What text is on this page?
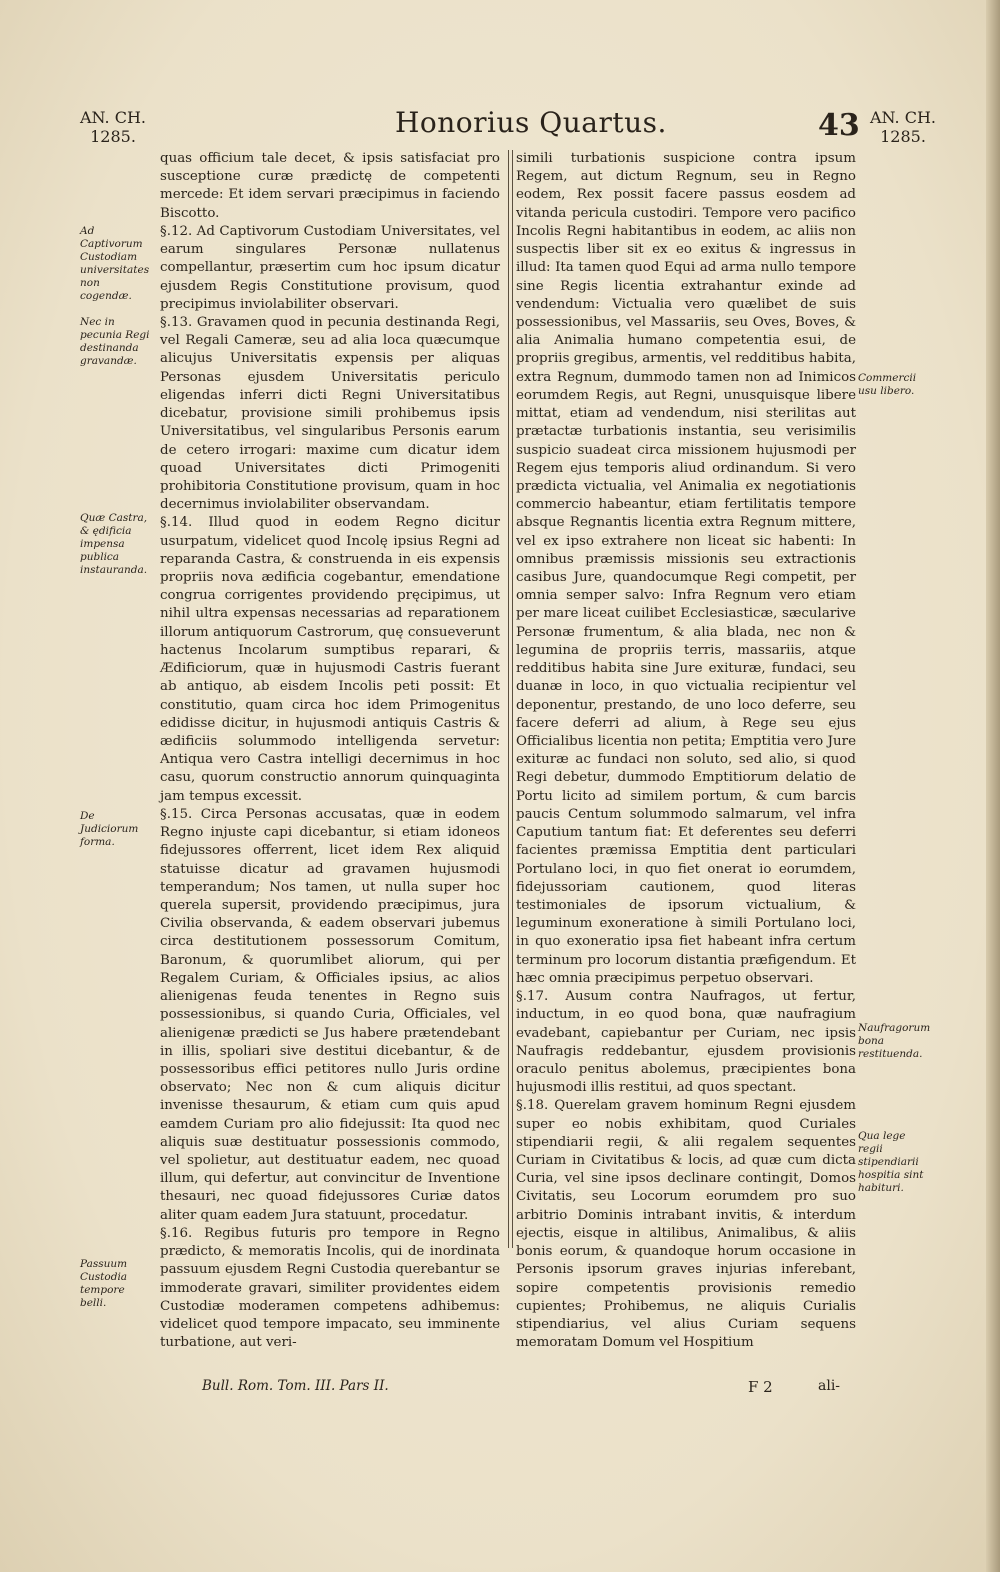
AN. CH.
1285.	Honorius Quartus.	43 AN. CH.
1285.

quas officium tale decet, & ipsis satisfaciat pro susceptione curæ prædictę de competenti mercede: Et idem servari præcipimus in faciendo Biscotto.

§.12. Ad Captivorum Custodiam Universitates, vel earum singulares Personæ nullatenus compellantur, præsertim cum hoc ipsum dicatur ejusdem Regis Constitutione provisum, quod precipimus inviolabiliter observari.

§.13. Gravamen quod in pecunia destinanda Regi, vel Regali Cameræ, seu ad alia loca quæcumque alicujus Universitatis expensis per aliquas Personas ejusdem Universitatis periculo eligendas inferri dicti Regni Universitatibus dicebatur, provisione simili prohibemus ipsis Universitatibus, vel singularibus Personis earum de cetero irrogari: maxime cum dicatur idem quoad Universitates dicti Primogeniti prohibitoria Constitutione provisum, quam in hoc decernimus inviolabiliter observandam.

§.14. Illud quod in eodem Regno dicitur usurpatum, videlicet quod Incolę ipsius Regni ad reparanda Castra, & construenda in eis expensis propriis nova ædificia cogebantur, emendatione congrua corrigentes providendo pręcipimus, ut nihil ultra expensas necessarias ad reparationem illorum antiquorum Castrorum, quę consueverunt hactenus Incolarum sumptibus reparari, & Ædificiorum, quæ in hujusmodi Castris fuerant ab antiquo, ab eisdem Incolis peti possit: Et constitutio, quam circa hoc idem Primogenitus edidisse dicitur, in hujusmodi antiquis Castris & ædificiis solummodo intelligenda servetur: Antiqua vero Castra intelligi decernimus in hoc casu, quorum constructio annorum quinquaginta jam tempus excessit.

§.15. Circa Personas accusatas, quæ in eodem Regno injuste capi dicebantur, si etiam idoneos fidejussores offerrent, licet idem Rex aliquid statuisse dicatur ad gravamen hujusmodi temperandum; Nos tamen, ut nulla super hoc querela supersit, providendo præcipimus, jura Civilia observanda, & eadem observari jubemus circa destitutionem possessorum Comitum, Baronum, & quorumlibet aliorum, qui per Regalem Curiam, & Officiales ipsius, ac alios alienigenas feuda tenentes in Regno suis possessionibus, si quando Curia, Officiales, vel alienigenæ prædicti se Jus habere prætendebant in illis, spoliari sive destitui dicebantur, & de possessoribus effici petitores nullo Juris ordine observato; Nec non & cum aliquis dicitur invenisse thesaurum, & etiam cum quis apud eamdem Curiam pro alio fidejussit: Ita quod nec aliquis suæ destituatur possessionis commodo, vel spolietur, aut destituatur eadem, nec quoad illum, qui defertur, aut convincitur de Inventione thesauri, nec quoad fidejussores Curiæ datos aliter quam eadem Jura statuunt, procedatur.

§.16. Regibus futuris pro tempore in Regno prædicto, & memoratis Incolis, qui de inordinata passuum ejusdem Regni Custodia querebantur se immoderate gravari, similiter providentes eidem Custodiæ moderamen competens adhibemus: videlicet quod tempore impacato, seu imminente turbatione, aut veri-

simili turbationis suspicione contra ipsum Regem, aut dictum Regnum, seu in Regno eodem, Rex possit facere passus eosdem ad vitanda pericula custodiri. Tempore vero pacifico Incolis Regni habitantibus in eodem, ac aliis non suspectis liber sit ex eo exitus & ingressus in illud: Ita tamen quod Equi ad arma nullo tempore sine Regis licentia extrahantur exinde ad vendendum: Victualia vero quælibet de suis possessionibus, vel Massariis, seu Oves, Boves, & alia Animalia humano competentia esui, de propriis gregibus, armentis, vel redditibus habita, extra Regnum, dummodo tamen non ad Inimicos eorumdem Regis, aut Regni, unusquisque libere mittat, etiam ad vendendum, nisi sterilitas aut prætactæ turbationis instantia, seu verisimilis suspicio suadeat circa missionem hujusmodi per Regem ejus temporis aliud ordinandum. Si vero prædicta victualia, vel Animalia ex negotiationis commercio habeantur, etiam fertilitatis tempore absque Regnantis licentia extra Regnum mittere, vel ex ipso extrahere non liceat sic habenti: In omnibus præmissis missionis seu extractionis casibus Jure, quandocumque Regi competit, per omnia semper salvo: Infra Regnum vero etiam per mare liceat cuilibet Ecclesiasticæ, sæcularive Personæ frumentum, & alia blada, nec non & legumina de propriis terris, massariis, atque redditibus habita sine Jure exituræ, fundaci, seu duanæ in loco, in quo victualia recipientur vel deponentur, prestando, de uno loco deferre, seu facere deferri ad alium, à Rege seu ejus Officialibus licentia non petita; Emptitia vero Jure exituræ ac fundaci non soluto, sed alio, si quod Regi debetur, dummodo Emptitiorum delatio de Portu licito ad similem portum, & cum barcis paucis Centum solummodo salmarum, vel infra Caputium tantum fiat: Et deferentes seu deferri facientes præmissa Emptitia dent particulari Portulano loci, in quo fiet onerat io eorumdem, fidejussoriam cautionem, quod literas testimoniales de ipsorum victualium, & leguminum exoneratione à simili Portulano loci, in quo exoneratio ipsa fiet habeant infra certum terminum pro locorum distantia præfigendum. Et hæc omnia præcipimus perpetuo observari.

§.17. Ausum contra Naufragos, ut fertur, inductum, in eo quod bona, quæ naufragium evadebant, capiebantur per Curiam, nec ipsis Naufragis reddebantur, ejusdem provisionis oraculo penitus abolemus, præcipientes bona hujusmodi illis restitui, ad quos spectant.

§.18. Querelam gravem hominum Regni ejusdem super eo nobis exhibitam, quod Curiales stipendiarii regii, & alii regalem sequentes Curiam in Civitatibus & locis, ad quæ cum dicta Curia, vel sine ipsos declinare contingit, Domos Civitatis, seu Locorum eorumdem pro suo arbitrio Dominis intrabant invitis, & interdum ejectis, eisque in altilibus, Animalibus, & aliis bonis eorum, & quandoque horum occasione in Personis ipsorum graves injurias inferebant, sopire competentis provisionis remedio cupientes; Prohibemus, ne aliquis Curialis stipendiarius, vel alius Curiam sequens memoratam Domum vel Hospitium

Ad Captivorum Custodiam universitates non cogendæ.
Nec in pecunia Regi destinanda gravandæ.
Quæ Castra, & ędificia impensa publica instauranda.
De Judiciorum forma.
Passuum Custodia tempore belli.
Commercii usu libero.
Naufragorum bona restituenda.
Qua lege regii stipendiarii hospitia sint habituri.
Bull. Rom. Tom. III. Pars II.	F 2	ali-
